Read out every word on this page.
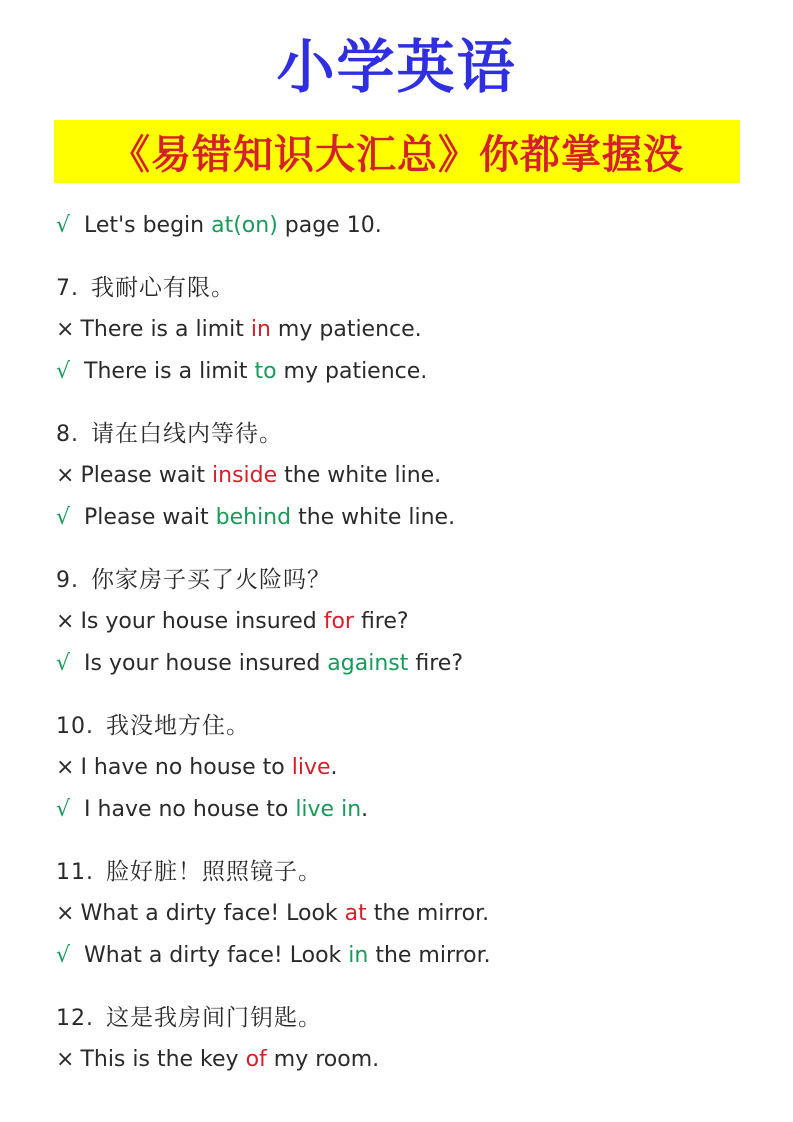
小学英语
《易错知识大汇总》你都掌握没
√ Let's begin at(on) page 10.
7. 我耐心有限。
× There is a limit in my patience.
√ There is a limit to my patience.
8. 请在白线内等待。
× Please wait inside the white line.
√ Please wait behind the white line.
9. 你家房子买了火险吗？
× Is your house insured for fire?
√ Is your house insured against fire?
10. 我没地方住。
× I have no house to live.
√ I have no house to live in.
11. 脸好脏！照照镜子。
× What a dirty face! Look at the mirror.
√ What a dirty face! Look in the mirror.
12. 这是我房间门钥匙。
× This is the key of my room.
